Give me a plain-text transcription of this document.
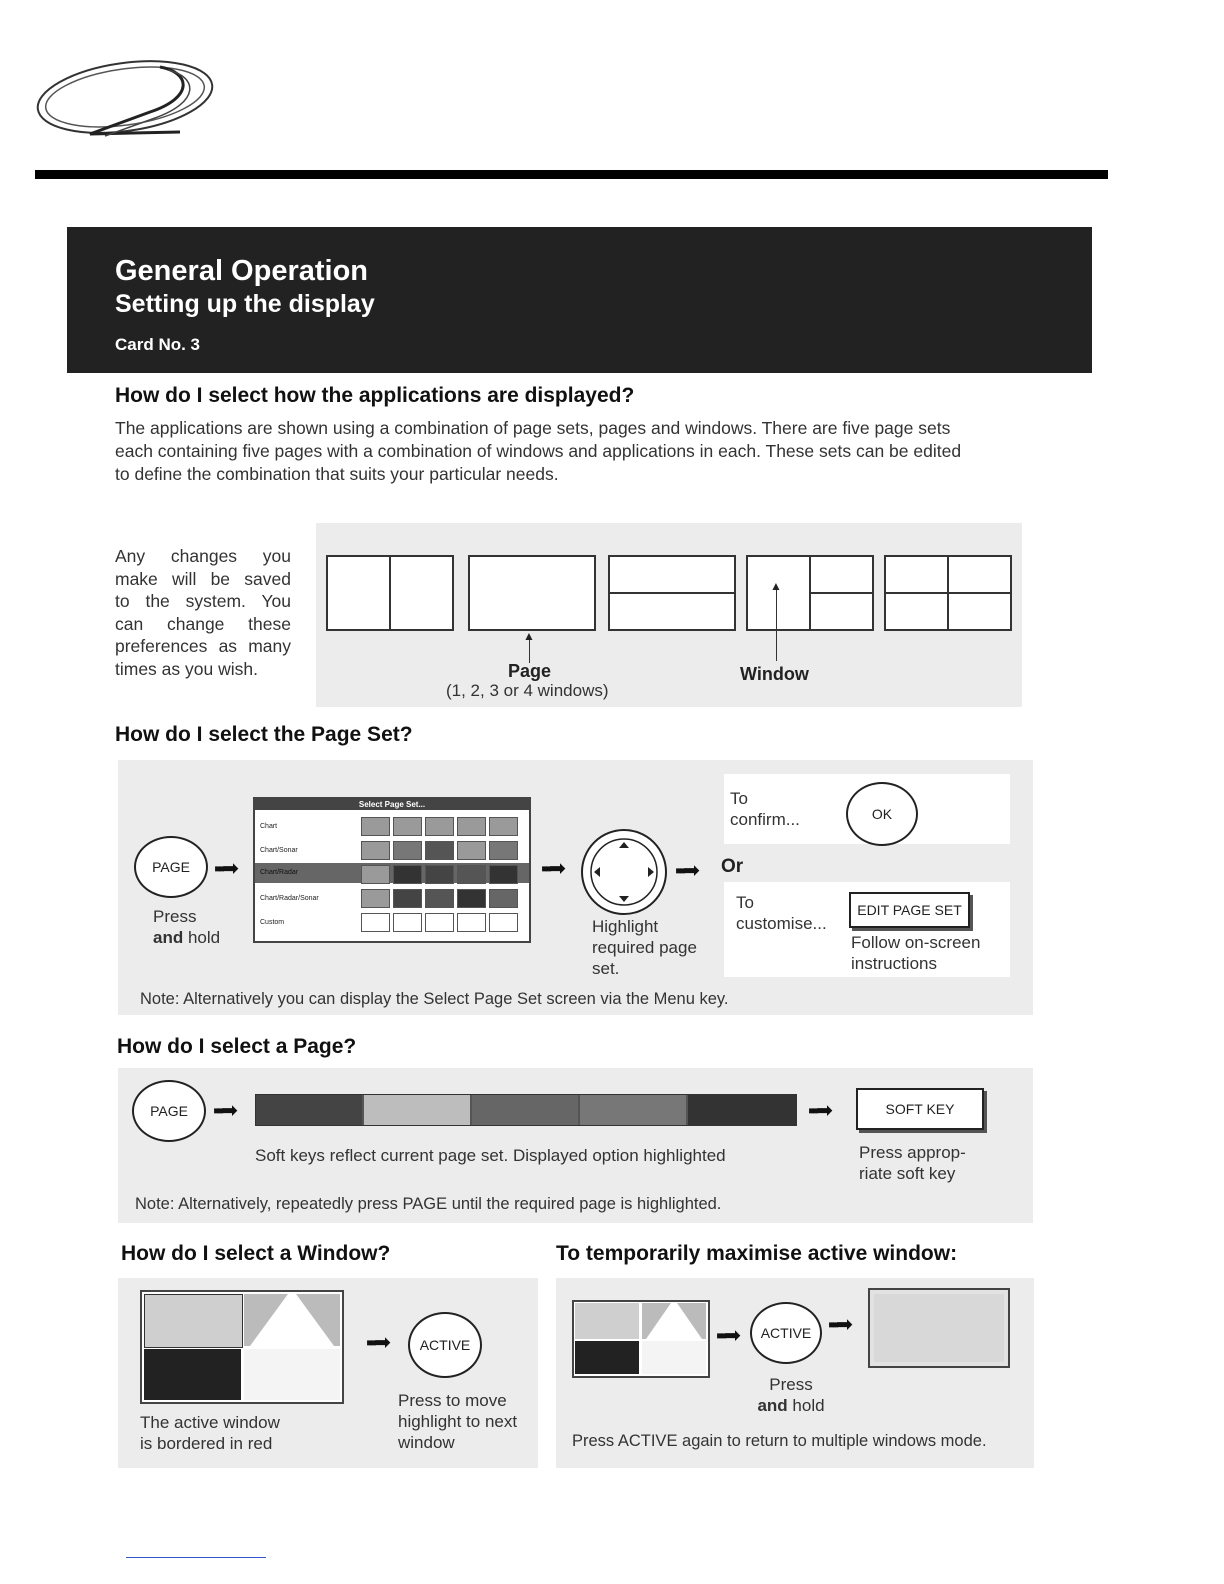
General Operation
Setting up the display
Card No. 3
How do I select how the applications are displayed?
The applications are shown using a combination of page sets, pages and windows. There are five page sets
each containing five pages with a combination of windows and applications in each. These sets can be edited
to define the combination that suits your particular needs.
Any changes you
make will be saved
to the system. You
can change these
preferences as many
times as you wish.
▲
▲
Page
(1, 2, 3 or 4 windows)
Window
How do I select the Page Set?
PAGE	▪▪➡
Press
and hold
Select Page Set...
Chart
Chart/Sonar
Chart/Radar
Chart/Radar/Sonar
Custom
▪▪➡
Highlight
required page
set.
▪▪➡ Or
To
confirm...	OK
To
customise...
EDIT PAGE SET
Follow on-screen
instructions
Note: Alternatively you can display the Select Page Set screen via the Menu key.
How do I select a Page?
PAGE	▪▪➡	▪▪➡	SOFT KEY
Soft keys reflect current page set. Displayed option highlighted	Press approp-
riate soft key
Note: Alternatively, repeatedly press PAGE until the required page is highlighted.
How do I select a Window?
▪▪➡	ACTIVE
The active window
is bordered in red
Press to move
highlight to next
window
To temporarily maximise active window:
▪▪➡	ACTIVE ▪▪➡
Press
and hold
Press ACTIVE again to return to multiple windows mode.
